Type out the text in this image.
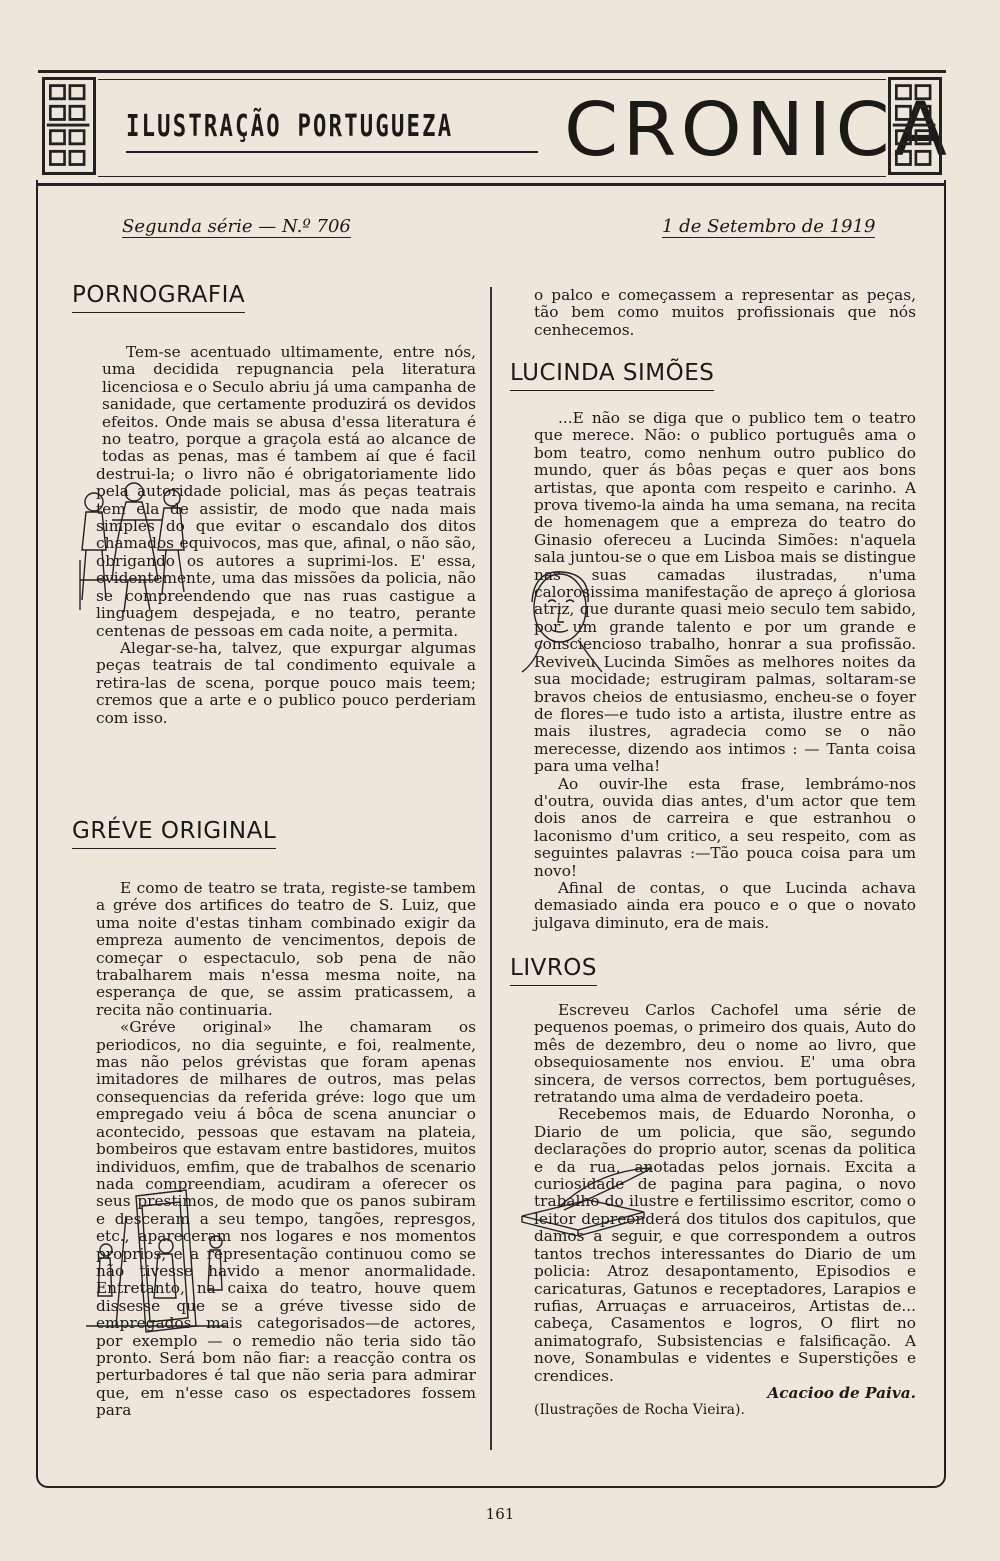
ILUSTRAÇÃO PORTUGUEZA CRONICA
Segunda série — N.º 706	1 de Setembro de 1919
PORNOGRAFIA

Tem-se acentuado ultimamente, entre nós, uma decidida repugnancia pela literatura licenciosa e o Seculo abriu já uma campanha de sanidade, que certamente produzirá os devidos efeitos. Onde mais se abusa d'essa literatura é no teatro, porque a graçola está ao alcance de todas as penas, mas é tambem aí que é facil destrui-la; o livro não é obrigatoriamente lido pela autoridade policial, mas ás peças teatrais tem ela de assistir, de modo que nada mais simples do que evitar o escandalo dos ditos chamados equivocos, mas que, afinal, o não são, obrigando os autores a suprimi-los. E' essa, evidentemente, uma das missões da policia, não se compreendendo que nas ruas castigue a linguagem despejada, e no teatro, perante centenas de pessoas em cada noite, a permita.

Alegar-se-ha, talvez, que expurgar algumas peças teatrais de tal condimento equivale a retira-las de scena, porque pouco mais teem; cremos que a arte e o publico pouco perderiam com isso.

GRÉVE ORIGINAL

E como de teatro se trata, registe-se tambem a gréve dos artifices do teatro de S. Luiz, que uma noite d'estas tinham combinado exigir da empreza aumento de vencimentos, depois de começar o espectaculo, sob pena de não trabalharem mais n'essa mesma noite, na esperança de que, se assim praticassem, a recita não continuaria.

«Gréve original» lhe chamaram os periodicos, no dia seguinte, e foi, realmente, mas não pelos grévistas que foram apenas imitadores de milhares de outros, mas pelas consequencias da referida gréve: logo que um empregado veiu á bôca de scena anunciar o acontecido, pessoas que estavam na plateia, bombeiros que estavam entre bastidores, muitos individuos, emfim, que de trabalhos de scenario nada compreendiam, acudiram a oferecer os seus prestimos, de modo que os panos subiram e desceram a seu tempo, tangões, represgos, etc., apareceram nos logares e nos momentos proprios, e a representação continuou como se não tivesse havido a menor anormalidade. Entretanto, na caixa do teatro, houve quem dissesse que se a gréve tivesse sido de empregados mais categorisados—de actores, por exemplo — o remedio não teria sido tão pronto. Será bom não fiar: a reacção contra os perturbadores é tal que não seria para admirar que, em n'esse caso os espectadores fossem para

o palco e começassem a representar as peças, tão bem como muitos profissionais que nós cenhecemos.

LUCINDA SIMÕES

...E não se diga que o publico tem o teatro que merece. Não: o publico português ama o bom teatro, como nenhum outro publico do mundo, quer ás bôas peças e quer aos bons artistas, que aponta com respeito e carinho. A prova tivemo-la ainda ha uma semana, na recita de homenagem que a empreza do teatro do Ginasio ofereceu a Lucinda Simões: n'aquela sala juntou-se o que em Lisboa mais se distingue nas suas camadas ilustradas, n'uma calorosissima manifestação de apreço á gloriosa atriz, que durante quasi meio seculo tem sabido, por um grande talento e por um grande e consciencioso trabalho, honrar a sua profissão. Reviveu Lucinda Simões as melhores noites da sua mocidade; estrugiram palmas, soltaram-se bravos cheios de entusiasmo, encheu-se o foyer de flores—e tudo isto a artista, ilustre entre as mais ilustres, agradecia como se o não merecesse, dizendo aos intimos : — Tanta coisa para uma velha!

Ao ouvir-lhe esta frase, lembrámo-nos d'outra, ouvida dias antes, d'um actor que tem dois anos de carreira e que estranhou o laconismo d'um critico, a seu respeito, com as seguintes palavras :—Tão pouca coisa para um novo!

Afinal de contas, o que Lucinda achava demasiado ainda era pouco e o que o novato julgava diminuto, era de mais.

LIVROS

Escreveu Carlos Cachofel uma série de pequenos poemas, o primeiro dos quais, Auto do mês de dezembro, deu o nome ao livro, que obsequiosamente nos enviou. E' uma obra sincera, de versos correctos, bem portuguêses, retratando uma alma de verdadeiro poeta.

Recebemos mais, de Eduardo Noronha, o Diario de um policia, que são, segundo declarações do proprio autor, scenas da politica e da rua, anotadas pelos jornais. Excita a curiosidade de pagina para pagina, o novo trabalho do ilustre e fertilissimo escritor, como o leitor depreenderá dos titulos dos capitulos, que damos a seguir, e que correspondem a outros tantos trechos interessantes do Diario de um policia: Atroz desapontamento, Episodios e caricaturas, Gatunos e receptadores, Larapios e rufias, Arruaças e arruaceiros, Artistas de... cabeça, Casamentos e logros, O flirt no animatografo, Subsistencias e falsificação. A nove, Sonambulas e videntes e Superstições e crendices.

Acacioo de Paiva.

(Ilustrações de Rocha Vieira).

161
